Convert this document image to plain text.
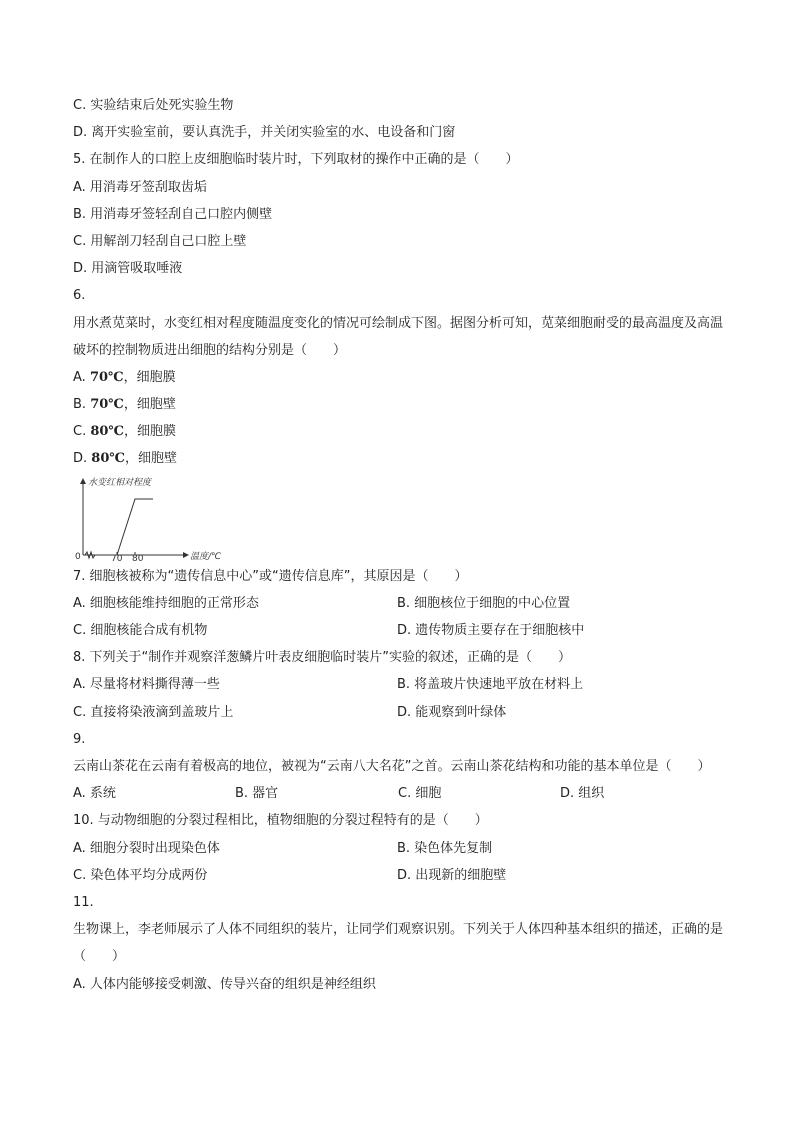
C. 实验结束后处死实验生物
D. 离开实验室前，要认真洗手，并关闭实验室的水、电设备和门窗
5. 在制作人的口腔上皮细胞临时装片时，下列取材的操作中正确的是（　　）
A. 用消毒牙签刮取齿垢
B. 用消毒牙签轻刮自己口腔内侧壁
C. 用解剖刀轻刮自己口腔上壁
D. 用滴管吸取唾液
6.
用水煮苋菜时，水变红相对程度随温度变化的情况可绘制成下图。据图分析可知，苋菜细胞耐受的最高温度及高温破坏的控制物质进出细胞的结构分别是（　　）
A. 70℃，细胞膜
B. 70℃，细胞壁
C. 80℃，细胞膜
D. 80℃，细胞壁
水变红相对程度
温度/℃
0	70 80
7. 细胞核被称为“遗传信息中心”或“遗传信息库”，其原因是（　　）
A. 细胞核能维持细胞的正常形态	B. 细胞核位于细胞的中心位置
C. 细胞核能合成有机物	D. 遗传物质主要存在于细胞核中
8. 下列关于“制作并观察洋葱鳞片叶表皮细胞临时装片”实验的叙述，正确的是（　　）
A. 尽量将材料撕得薄一些	B. 将盖玻片快速地平放在材料上
C. 直接将染液滴到盖玻片上	D. 能观察到叶绿体
9.
云南山茶花在云南有着极高的地位，被视为“云南八大名花”之首。云南山茶花结构和功能的基本单位是（　　）
A. 系统	B. 器官	C. 细胞	D. 组织
10. 与动物细胞的分裂过程相比，植物细胞的分裂过程特有的是（　　）
A. 细胞分裂时出现染色体	B. 染色体先复制
C. 染色体平均分成两份	D. 出现新的细胞壁
11.
生物课上，李老师展示了人体不同组织的装片，让同学们观察识别。下列关于人体四种基本组织的描述，正确的是（　　）
A. 人体内能够接受刺激、传导兴奋的组织是神经组织
